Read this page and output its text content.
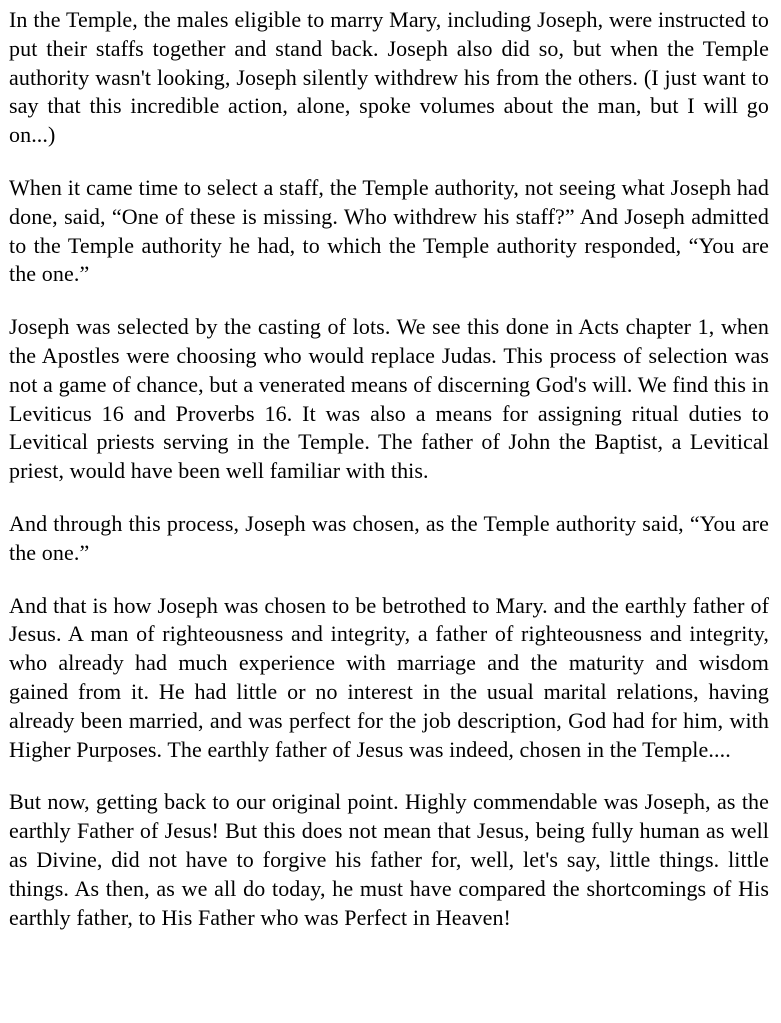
In the Temple, the males eligible to marry Mary, including Joseph, were instructed to put their staffs together and stand back. Joseph also did so, but when the Temple authority wasn't looking, Joseph silently withdrew his from the others. (I just want to say that this incredible action, alone, spoke volumes about the man, but I will go on...)

When it came time to select a staff, the Temple authority, not seeing what Joseph had done, said, “One of these is missing. Who withdrew his staff?” And Joseph admitted to the Temple authority he had, to which the Temple authority responded, “You are the one.”

Joseph was selected by the casting of lots. We see this done in Acts chapter 1, when the Apostles were choosing who would replace Judas. This process of selection was not a game of chance, but a venerated means of discerning God's will. We find this in Leviticus 16 and Proverbs 16. It was also a means for assigning ritual duties to Levitical priests serving in the Temple. The father of John the Baptist, a Levitical priest, would have been well familiar with this.

And through this process, Joseph was chosen, as the Temple authority said, “You are the one.”

And that is how Joseph was chosen to be betrothed to Mary. and the earthly father of Jesus. A man of righteousness and integrity, a father of righteousness and integrity, who already had much experience with marriage and the maturity and wisdom gained from it. He had little or no interest in the usual marital relations, having already been married, and was perfect for the job description, God had for him, with Higher Purposes. The earthly father of Jesus was indeed, chosen in the Temple....

But now, getting back to our original point. Highly commendable was Joseph, as the earthly Father of Jesus! But this does not mean that Jesus, being fully human as well as Divine, did not have to forgive his father for, well, let's say, little things. little things. As then, as we all do today, he must have compared the shortcomings of His earthly father, to His Father who was Perfect in Heaven!
